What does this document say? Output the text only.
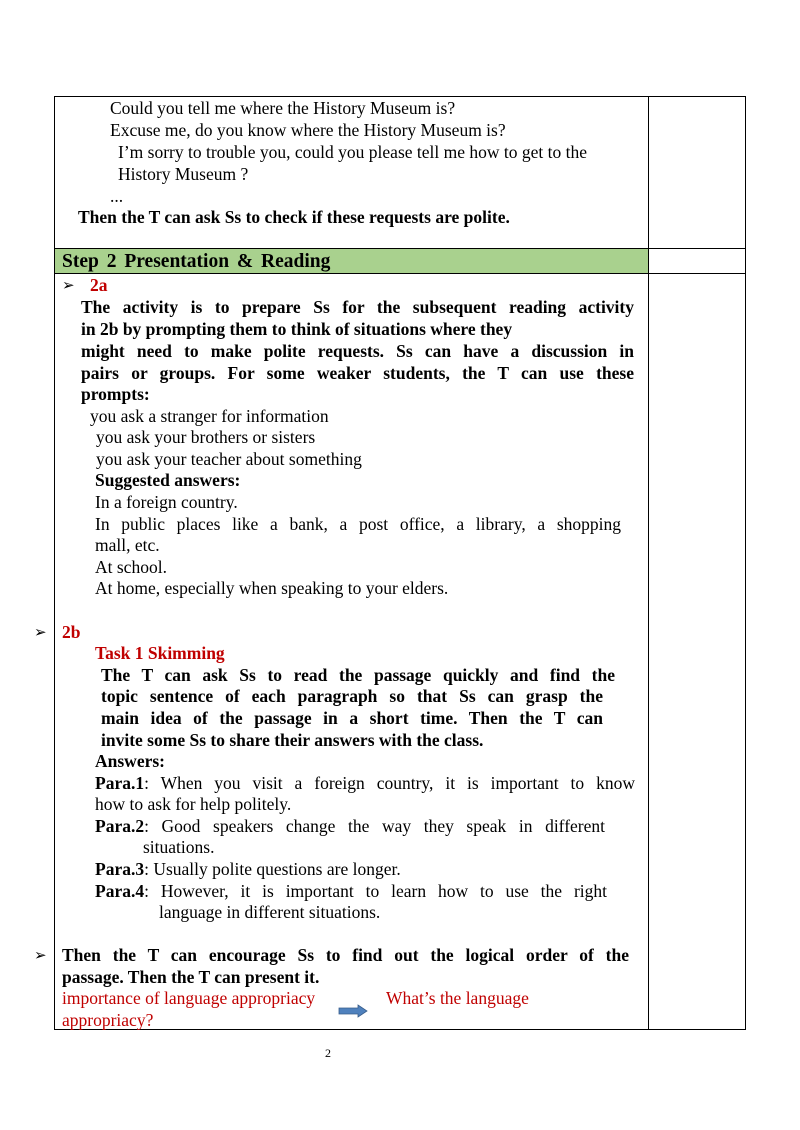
Could you tell me where the History Museum is?
Excuse me, do you know where the History Museum is?
I’m sorry to trouble you, could you please tell me how to get to the
History Museum ?
...
Then the T can ask Ss to check if these requests are polite.
Step 2 Presentation & Reading
➢ 2a
The activity is to prepare Ss for the subsequent reading activity
in 2b by prompting them to think of situations where they
might need to make polite requests. Ss can have a discussion in
pairs or groups. For some weaker students, the T can use these
prompts:
you ask a stranger for information
you ask your brothers or sisters
you ask your teacher about something
Suggested answers:
In a foreign country.
In public places like a bank, a post office, a library, a shopping
mall, etc.
At school.
At home, especially when speaking to your elders.
➢ 2b
Task 1 Skimming
The T can ask Ss to read the passage quickly and find the
topic sentence of each paragraph so that Ss can grasp the
main idea of the passage in a short time. Then the T can
invite some Ss to share their answers with the class.
Answers:
Para.1: When you visit a foreign country, it is important to know
how to ask for help politely.
Para.2: Good speakers change the way they speak in different
situations.
Para.3: Usually polite questions are longer.
Para.4: However, it is important to learn how to use the right
language in different situations.
➢ Then the T can encourage Ss to find out the logical order of the
passage. Then the T can present it.
importance of language appropriacy	What’s the language
appropriacy?
2
